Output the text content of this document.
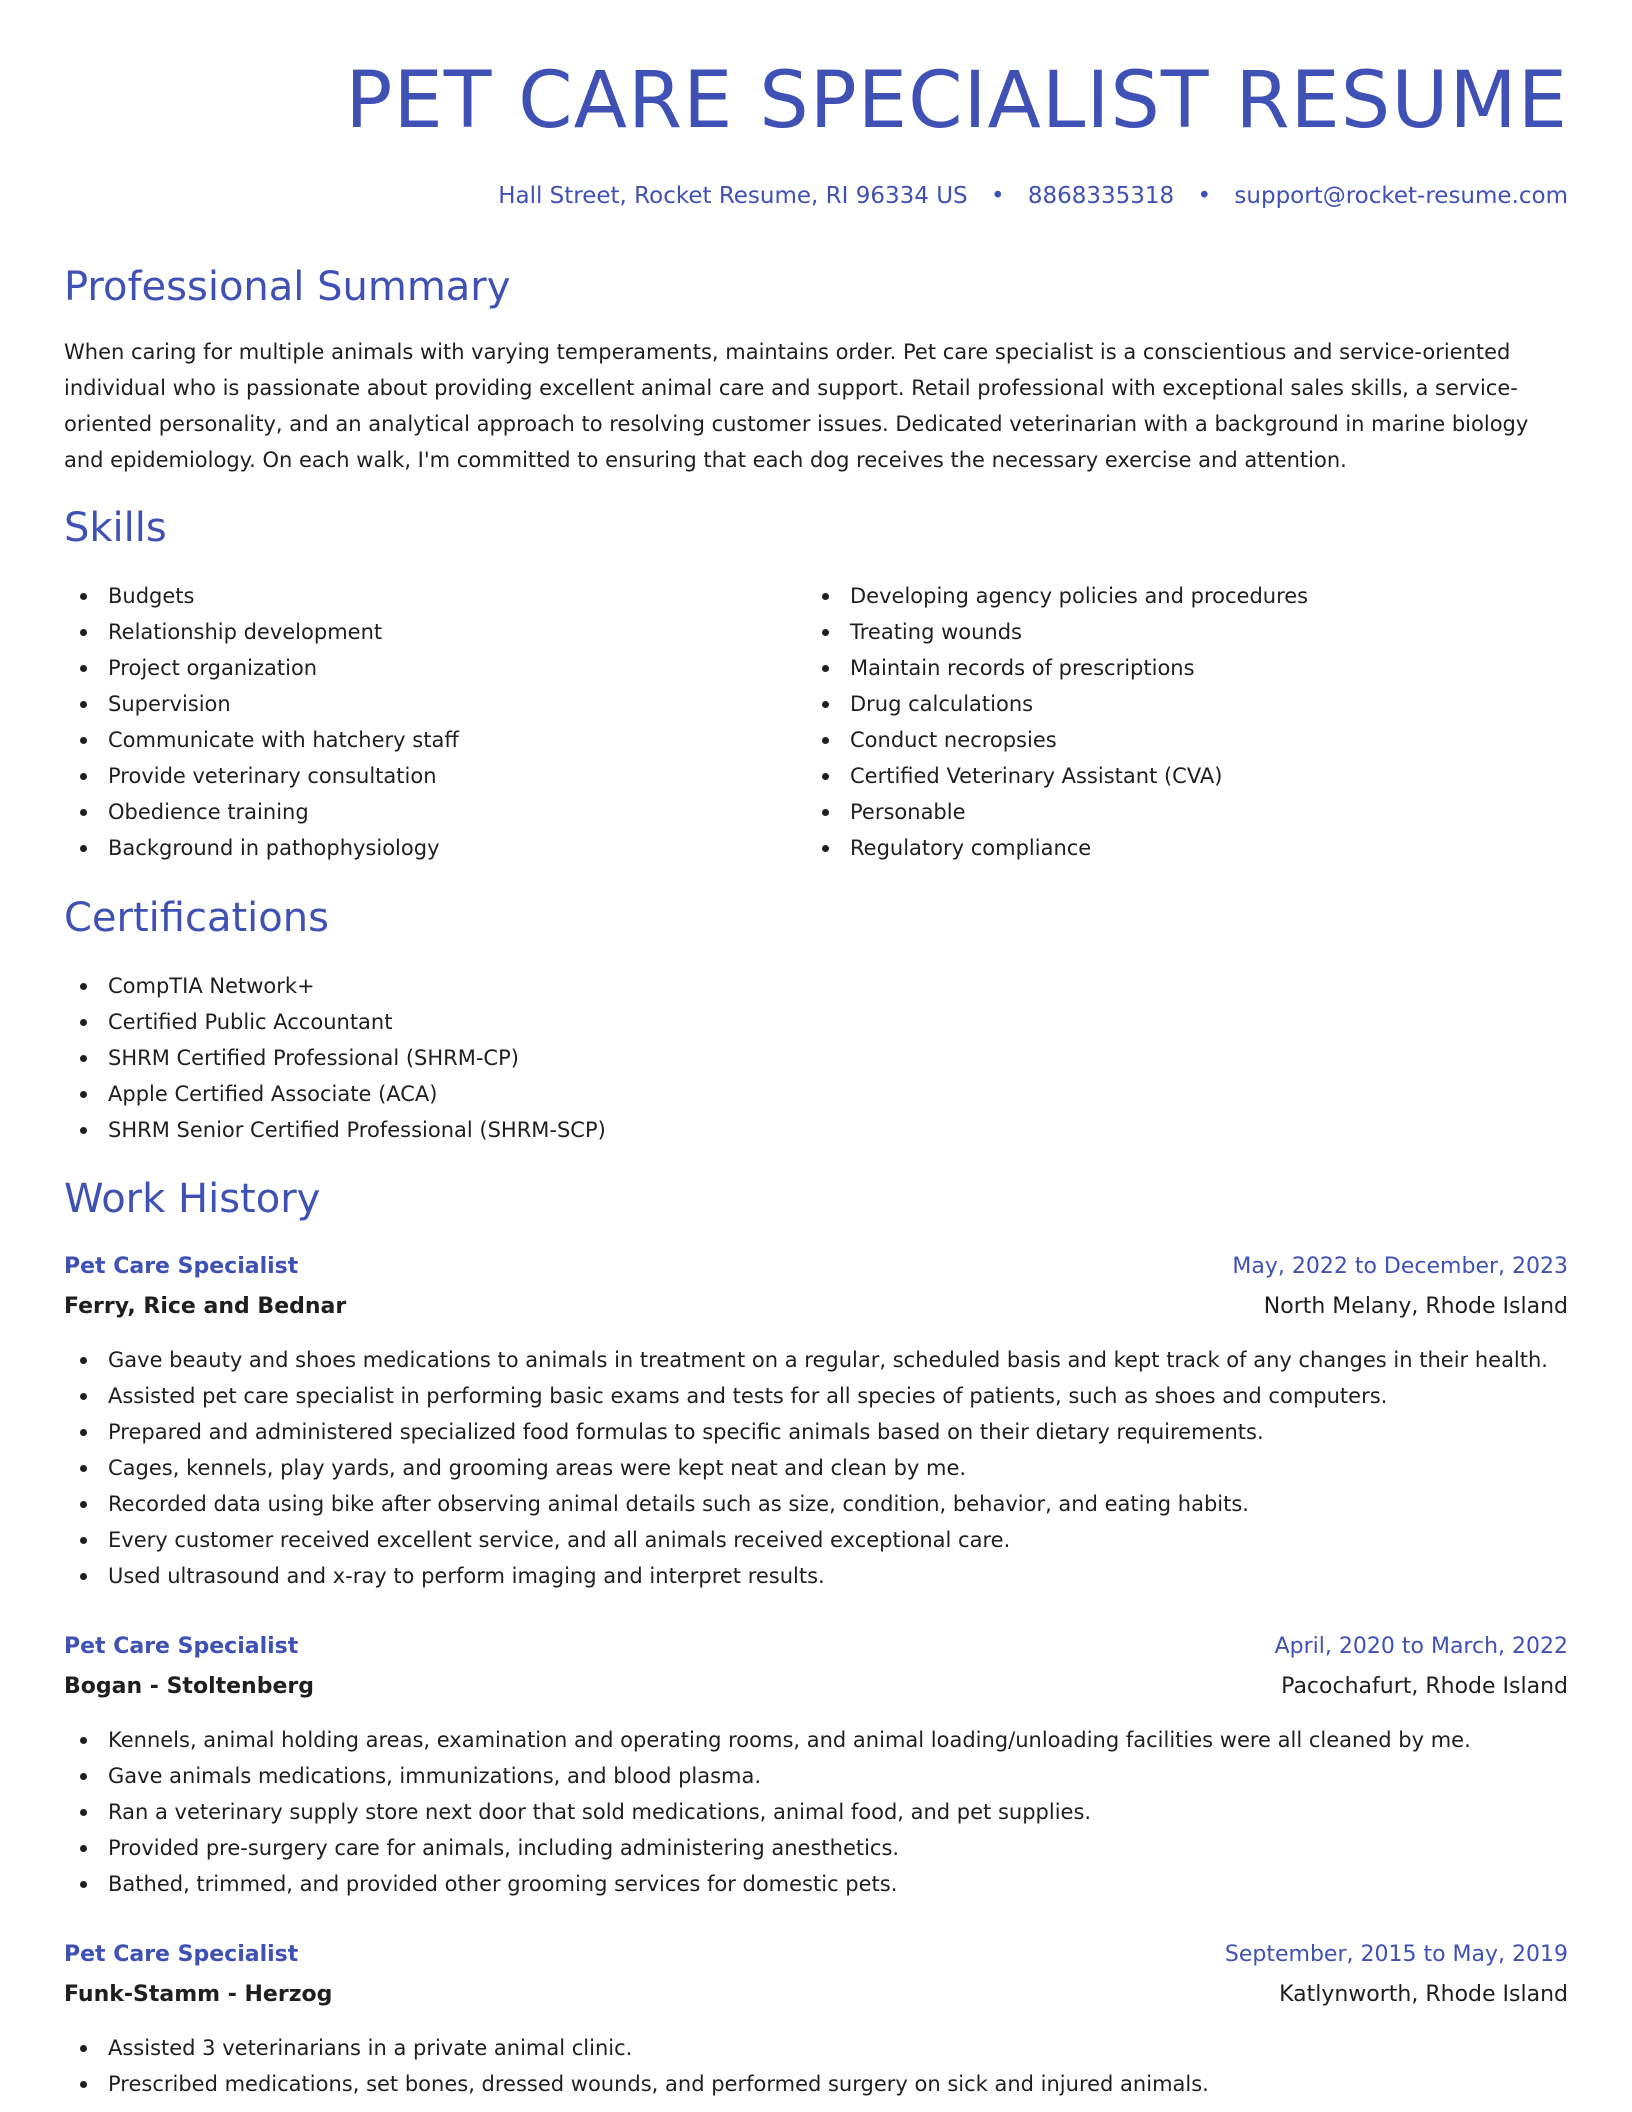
PET CARE SPECIALIST RESUME
Hall Street, Rocket Resume, RI 96334 US • 8868335318 • support@rocket-resume.com
Professional Summary

When caring for multiple animals with varying temperaments, maintains order. Pet care specialist is a conscientious and service-oriented individual who is passionate about providing excellent animal care and support. Retail professional with exceptional sales skills, a service-oriented personality, and an analytical approach to resolving customer issues. Dedicated veterinarian with a background in marine biology and epidemiology. On each walk, I'm committed to ensuring that each dog receives the necessary exercise and attention.

Skills
Budgets
Relationship development
Project organization
Supervision
Communicate with hatchery staff
Provide veterinary consultation
Obedience training
Background in pathophysiology
Developing agency policies and procedures
Treating wounds
Maintain records of prescriptions
Drug calculations
Conduct necropsies
Certified Veterinary Assistant (CVA)
Personable
Regulatory compliance
Certifications
CompTIA Network+
Certified Public Accountant
SHRM Certified Professional (SHRM-CP)
Apple Certified Associate (ACA)
SHRM Senior Certified Professional (SHRM-SCP)
Work History
Pet Care Specialist	May, 2022 to December, 2023
Ferry, Rice and Bednar	North Melany, Rhode Island
Gave beauty and shoes medications to animals in treatment on a regular, scheduled basis and kept track of any changes in their health.
Assisted pet care specialist in performing basic exams and tests for all species of patients, such as shoes and computers.
Prepared and administered specialized food formulas to specific animals based on their dietary requirements.
Cages, kennels, play yards, and grooming areas were kept neat and clean by me.
Recorded data using bike after observing animal details such as size, condition, behavior, and eating habits.
Every customer received excellent service, and all animals received exceptional care.
Used ultrasound and x-ray to perform imaging and interpret results.
Pet Care Specialist	April, 2020 to March, 2022
Bogan - Stoltenberg	Pacochafurt, Rhode Island
Kennels, animal holding areas, examination and operating rooms, and animal loading/unloading facilities were all cleaned by me.
Gave animals medications, immunizations, and blood plasma.
Ran a veterinary supply store next door that sold medications, animal food, and pet supplies.
Provided pre-surgery care for animals, including administering anesthetics.
Bathed, trimmed, and provided other grooming services for domestic pets.
Pet Care Specialist	September, 2015 to May, 2019
Funk-Stamm - Herzog	Katlynworth, Rhode Island
Assisted 3 veterinarians in a private animal clinic.
Prescribed medications, set bones, dressed wounds, and performed surgery on sick and injured animals.
